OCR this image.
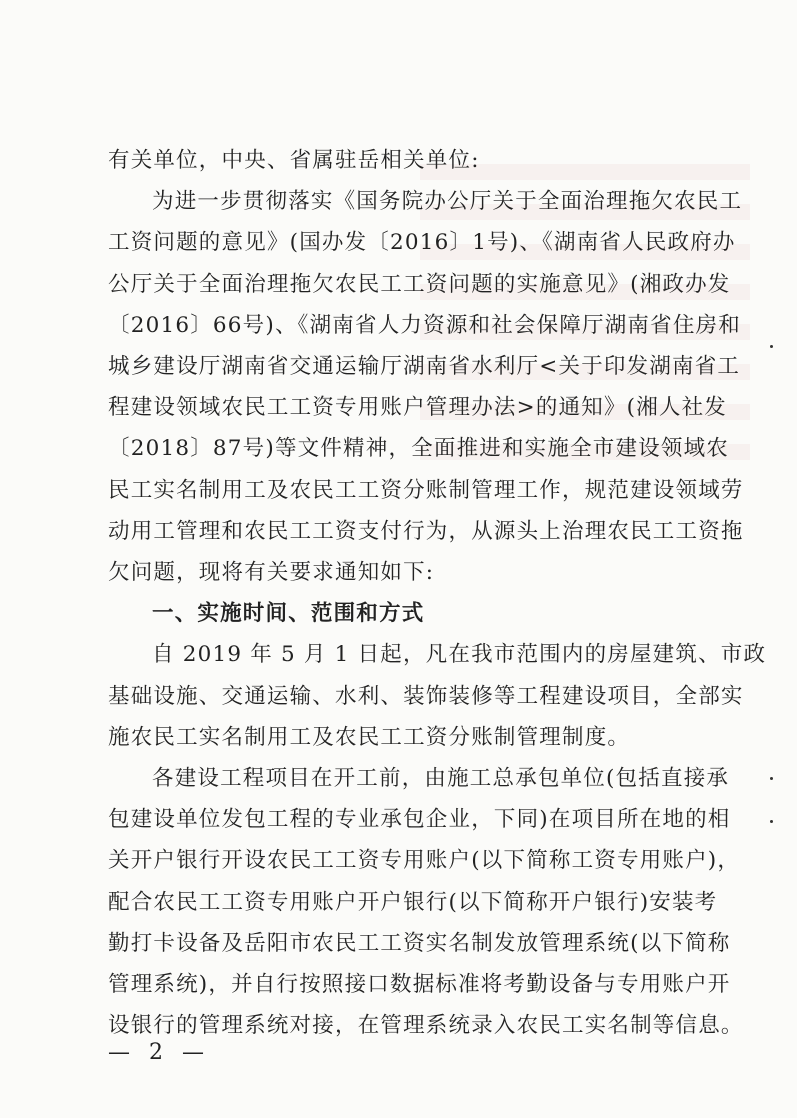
有关单位，中央、省属驻岳相关单位:
为进一步贯彻落实《国务院办公厅关于全面治理拖欠农民工
工资问题的意见》(国办发〔2016〕1号)、《湖南省人民政府办
公厅关于全面治理拖欠农民工工资问题的实施意见》(湘政办发
〔2016〕66号)、《湖南省人力资源和社会保障厅湖南省住房和
城乡建设厅湖南省交通运输厅湖南省水利厅<关于印发湖南省工
程建设领域农民工工资专用账户管理办法>的通知》(湘人社发
〔2018〕87号)等文件精神，全面推进和实施全市建设领域农
民工实名制用工及农民工工资分账制管理工作，规范建设领域劳
动用工管理和农民工工资支付行为，从源头上治理农民工工资拖
欠问题，现将有关要求通知如下:
一、实施时间、范围和方式
自 2019 年 5 月 1 日起，凡在我市范围内的房屋建筑、市政
基础设施、交通运输、水利、装饰装修等工程建设项目，全部实
施农民工实名制用工及农民工工资分账制管理制度。
各建设工程项目在开工前，由施工总承包单位(包括直接承
包建设单位发包工程的专业承包企业，下同)在项目所在地的相
关开户银行开设农民工工资专用账户(以下简称工资专用账户)，
配合农民工工资专用账户开户银行(以下简称开户银行)安装考
勤打卡设备及岳阳市农民工工资实名制发放管理系统(以下简称
管理系统)，并自行按照接口数据标准将考勤设备与专用账户开
— 2 —
设银行的管理系统对接，在管理系统录入农民工实名制等信息。
